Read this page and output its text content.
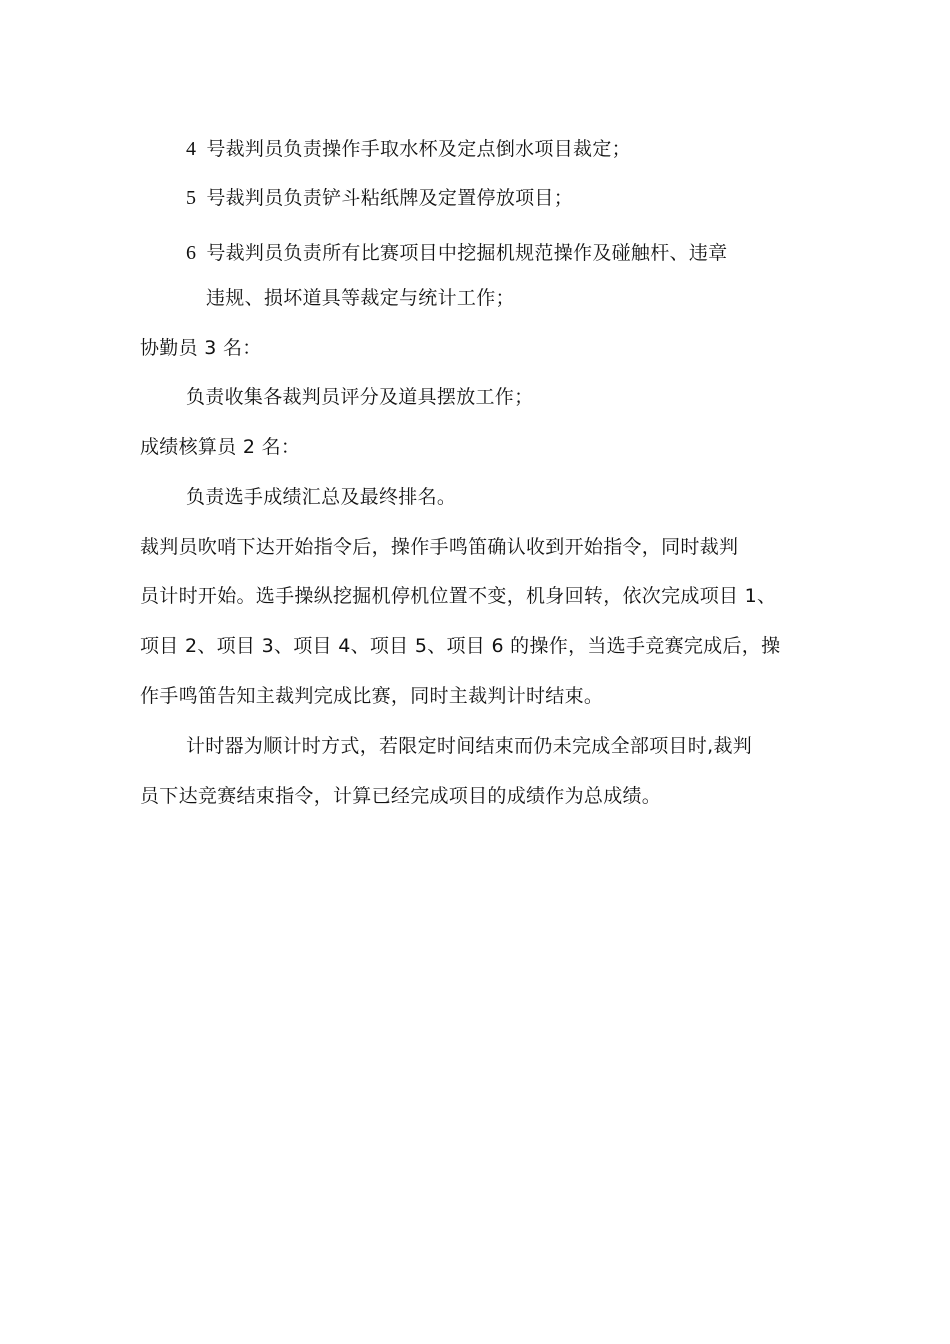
4 号裁判员负责操作手取水杯及定点倒水项目裁定；
5 号裁判员负责铲斗粘纸牌及定置停放项目；
6 号裁判员负责所有比赛项目中挖掘机规范操作及碰触杆、违章
违规、损坏道具等裁定与统计工作；
协勤员 3 名：
负责收集各裁判员评分及道具摆放工作；
成绩核算员 2 名：
负责选手成绩汇总及最终排名。
裁判员吹哨下达开始指令后，操作手鸣笛确认收到开始指令，同时裁判
员计时开始。选手操纵挖掘机停机位置不变，机身回转，依次完成项目 1、
项目 2、项目 3、项目 4、项目 5、项目 6 的操作，当选手竞赛完成后，操
作手鸣笛告知主裁判完成比赛，同时主裁判计时结束。
计时器为顺计时方式，若限定时间结束而仍未完成全部项目时,裁判
员下达竞赛结束指令，计算已经完成项目的成绩作为总成绩。
